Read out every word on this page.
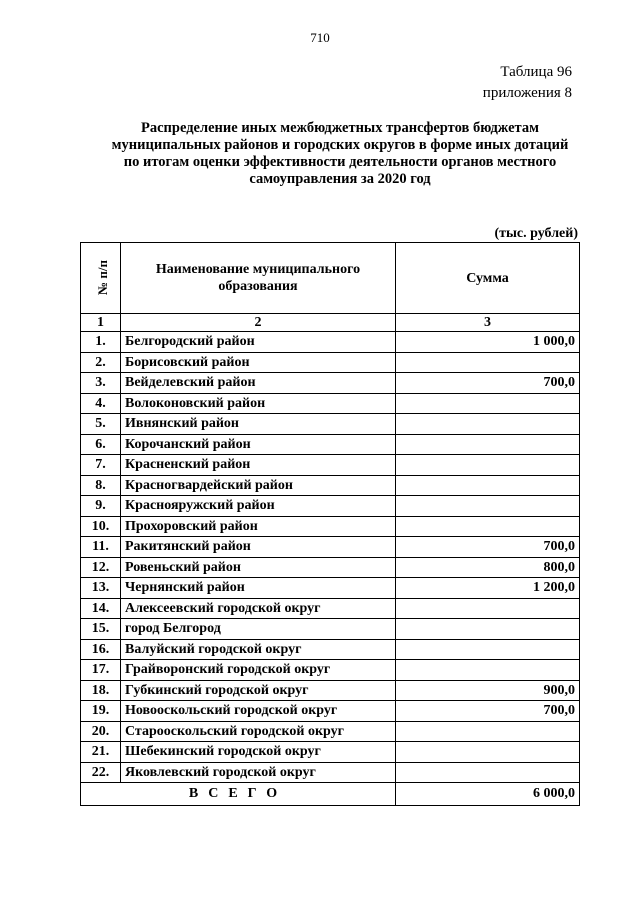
710
Таблица 96
приложения 8
Распределение иных межбюджетных трансфертов бюджетам
муниципальных районов и городских округов в форме иных дотаций
по итогам оценки эффективности деятельности органов местного
самоуправления за 2020 год
(тыс. рублей)
№ п/п	Наименование муниципального образования	Сумма
1	2	3
1.	Белгородский район	1 000,0
2.	Борисовский район	
3.	Вейделевский район	700,0
4.	Волоконовский район	
5.	Ивнянский район	
6.	Корочанский район	
7.	Красненский район	
8.	Красногвардейский район	
9.	Краснояружский район	
10.	Прохоровский район	
11.	Ракитянский район	700,0
12.	Ровеньский район	800,0
13.	Чернянский район	1 200,0
14.	Алексеевский городской округ	
15.	город Белгород	
16.	Валуйский городской округ	
17.	Грайворонский городской округ	
18.	Губкинский городской округ	900,0
19.	Новооскольский городской округ	700,0
20.	Старооскольский городской округ	
21.	Шебекинский городской округ	
22.	Яковлевский городской округ	
ВСЕГО		6 000,0
